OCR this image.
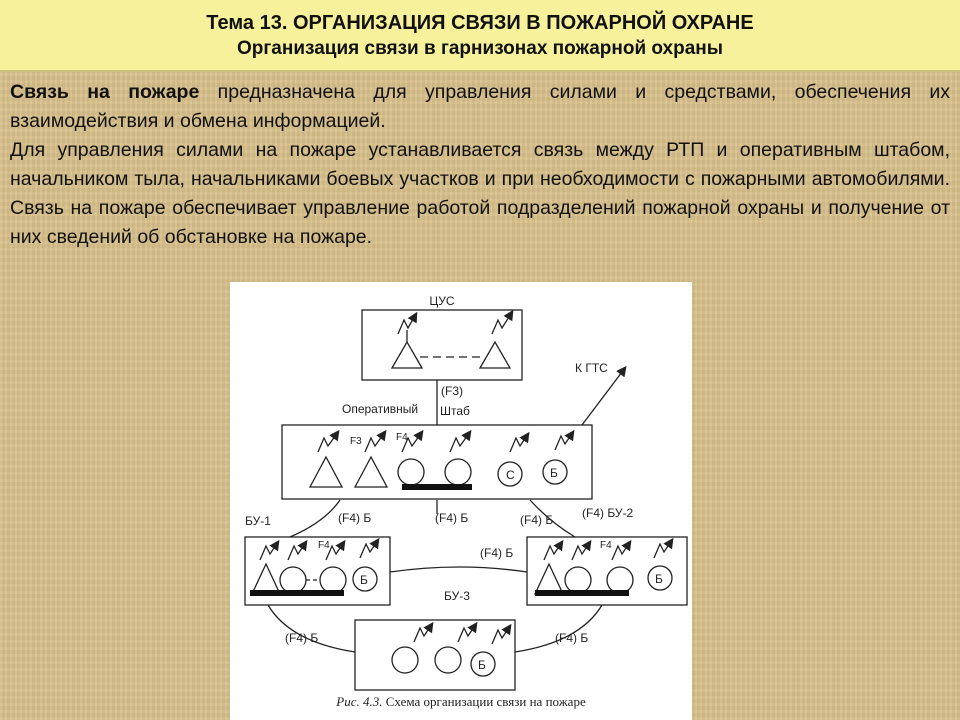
Тема 13. ОРГАНИЗАЦИЯ СВЯЗИ В ПОЖАРНОЙ ОХРАНЕ
Организация связи в гарнизонах пожарной охраны

Связь на пожаре предназначена для управления силами и средствами, обеспечения их взаимодействия и обмена информацией.

Для управления силами на пожаре устанавливается связь между РТП и оперативным штабом, начальником тыла, начальниками боевых участков и при необходимости с пожарными автомобилями. Связь на пожаре обеспечивает управление работой подразделений пожарной охраны и получение от них сведений об обстановке на пожаре.

ЦУС
К ГТС
(F3)
Оперативный Штаб
F3	F4
С	Б
БУ-1	(F4) Б	(F4) Б	(F4) Б (F4) БУ-2
F4
Б
(F4) Б
F4
Б
БУ-3
(F4) Б	(F4) Б
Б
Рис. 4.3. Схема организации связи на пожаре
